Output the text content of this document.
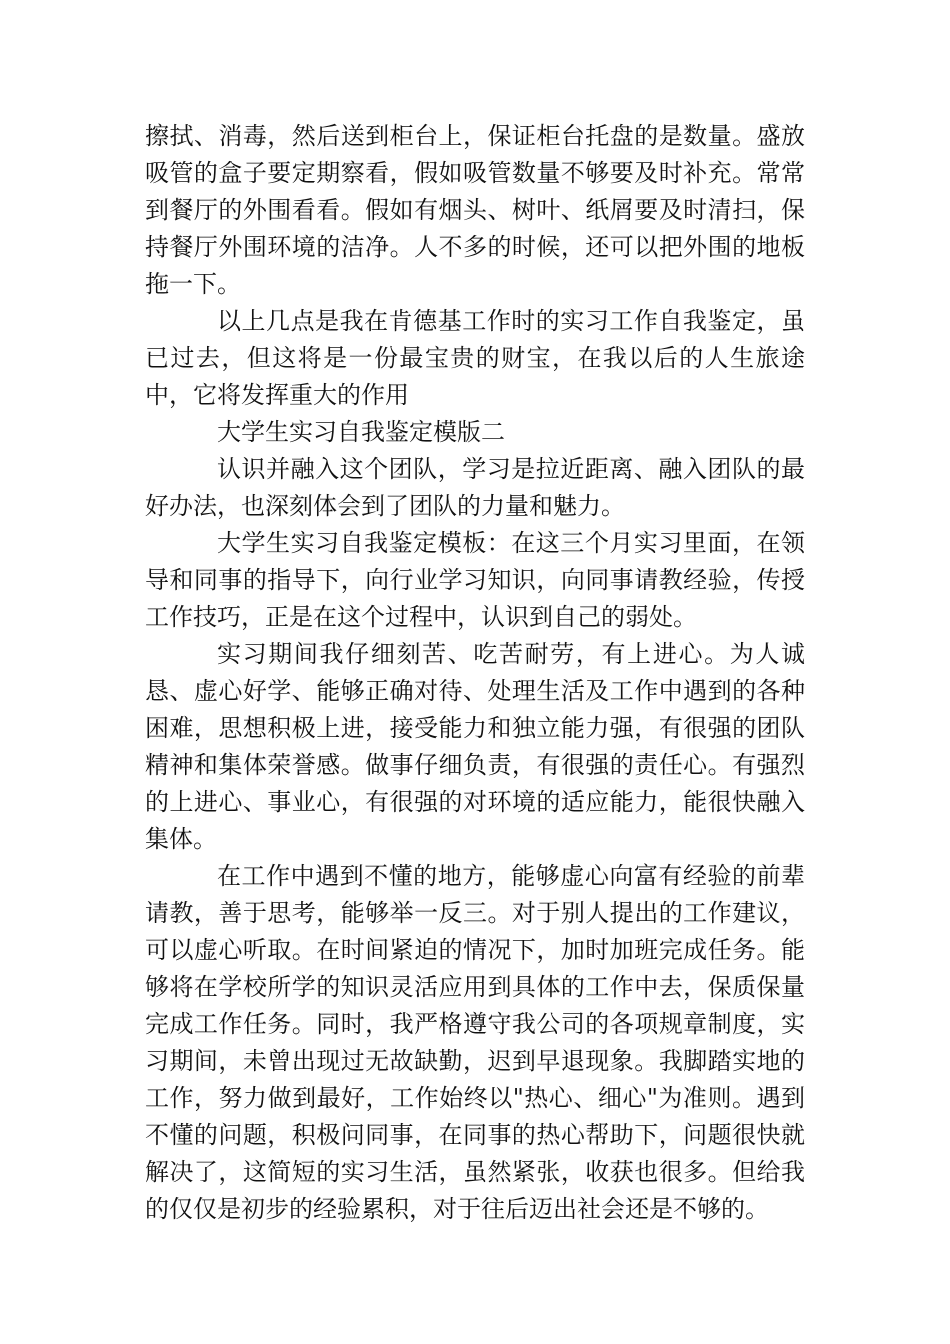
擦拭、消毒，然后送到柜台上，保证柜台托盘的是数量。盛放吸管的盒子要定期察看，假如吸管数量不够要及时补充。常常到餐厅的外围看看。假如有烟头、树叶、纸屑要及时清扫，保持餐厅外围环境的洁净。人不多的时候，还可以把外围的地板拖一下。

以上几点是我在肯德基工作时的实习工作自我鉴定，虽已过去，但这将是一份最宝贵的财宝，在我以后的人生旅途中，它将发挥重大的作用

大学生实习自我鉴定模版二

认识并融入这个团队，学习是拉近距离、融入团队的最好办法，也深刻体会到了团队的力量和魅力。

大学生实习自我鉴定模板：在这三个月实习里面，在领导和同事的指导下，向行业学习知识，向同事请教经验，传授工作技巧，正是在这个过程中，认识到自己的弱处。

实习期间我仔细刻苦、吃苦耐劳，有上进心。为人诚恳、虚心好学、能够正确对待、处理生活及工作中遇到的各种困难，思想积极上进，接受能力和独立能力强，有很强的团队精神和集体荣誉感。做事仔细负责，有很强的责任心。有强烈的上进心、事业心，有很强的对环境的适应能力，能很快融入集体。

在工作中遇到不懂的地方，能够虚心向富有经验的前辈请教，善于思考，能够举一反三。对于别人提出的工作建议，可以虚心听取。在时间紧迫的情况下，加时加班完成任务。能够将在学校所学的知识灵活应用到具体的工作中去，保质保量完成工作任务。同时，我严格遵守我公司的各项规章制度，实习期间，未曾出现过无故缺勤，迟到早退现象。我脚踏实地的工作，努力做到最好，工作始终以"热心、细心"为准则。遇到不懂的问题，积极问同事，在同事的热心帮助下，问题很快就解决了，这简短的实习生活，虽然紧张，收获也很多。但给我的仅仅是初步的经验累积，对于往后迈出社会还是不够的。
